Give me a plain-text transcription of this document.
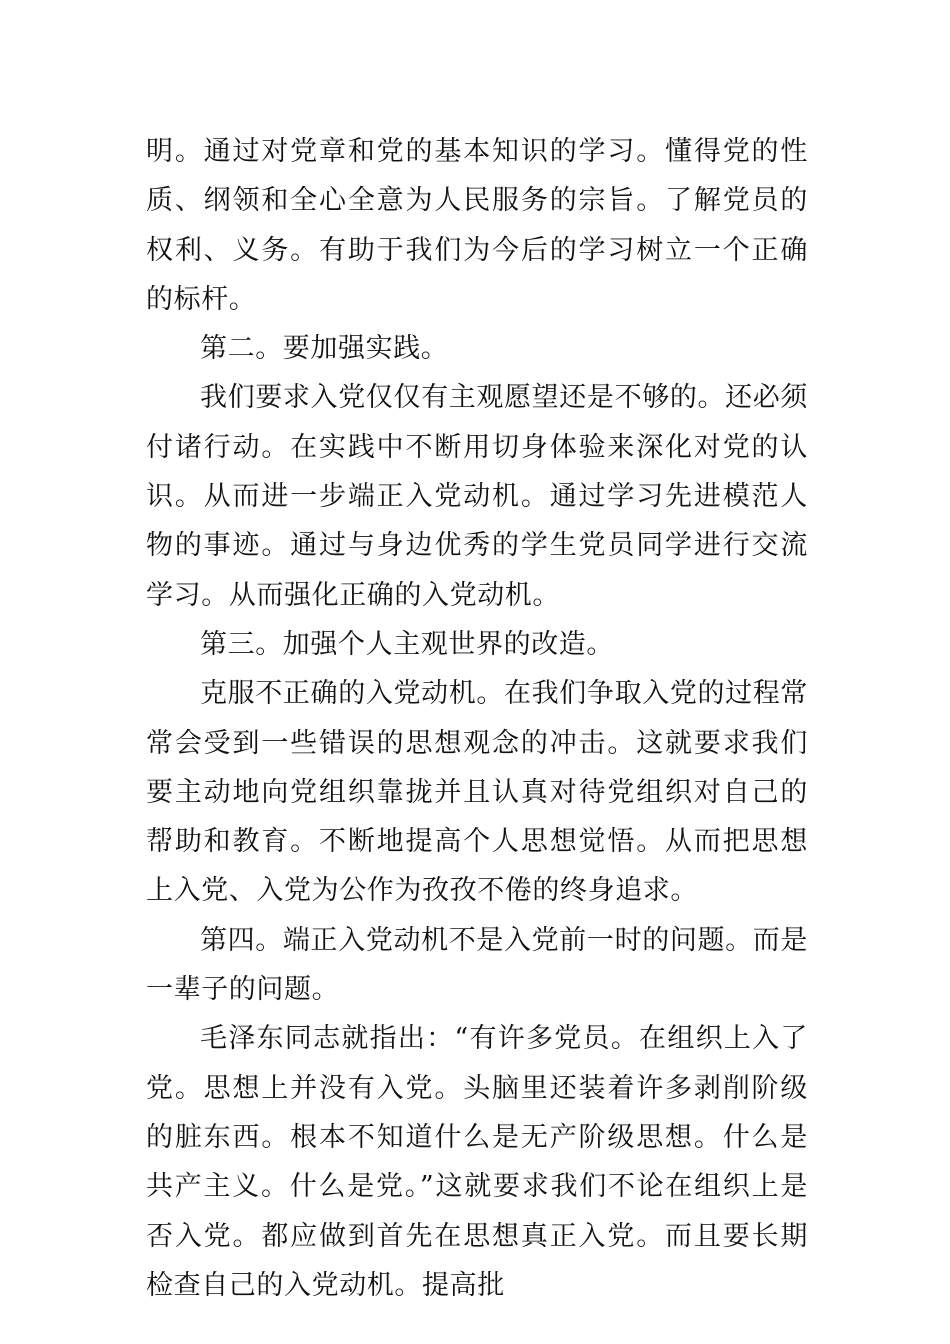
明。通过对党章和党的基本知识的学习。懂得党的性质、纲领和全心全意为人民服务的宗旨。了解党员的权利、义务。有助于我们为今后的学习树立一个正确的标杆。

第二。要加强实践。

我们要求入党仅仅有主观愿望还是不够的。还必须付诸行动。在实践中不断用切身体验来深化对党的认识。从而进一步端正入党动机。通过学习先进模范人物的事迹。通过与身边优秀的学生党员同学进行交流学习。从而强化正确的入党动机。

第三。加强个人主观世界的改造。

克服不正确的入党动机。在我们争取入党的过程常常会受到一些错误的思想观念的冲击。这就要求我们要主动地向党组织靠拢并且认真对待党组织对自己的帮助和教育。不断地提高个人思想觉悟。从而把思想上入党、入党为公作为孜孜不倦的终身追求。

第四。端正入党动机不是入党前一时的问题。而是一辈子的问题。

毛泽东同志就指出：“有许多党员。在组织上入了党。思想上并没有入党。头脑里还装着许多剥削阶级的脏东西。根本不知道什么是无产阶级思想。什么是共产主义。什么是党。”这就要求我们不论在组织上是否入党。都应做到首先在思想真正入党。而且要长期检查自己的入党动机。提高批
